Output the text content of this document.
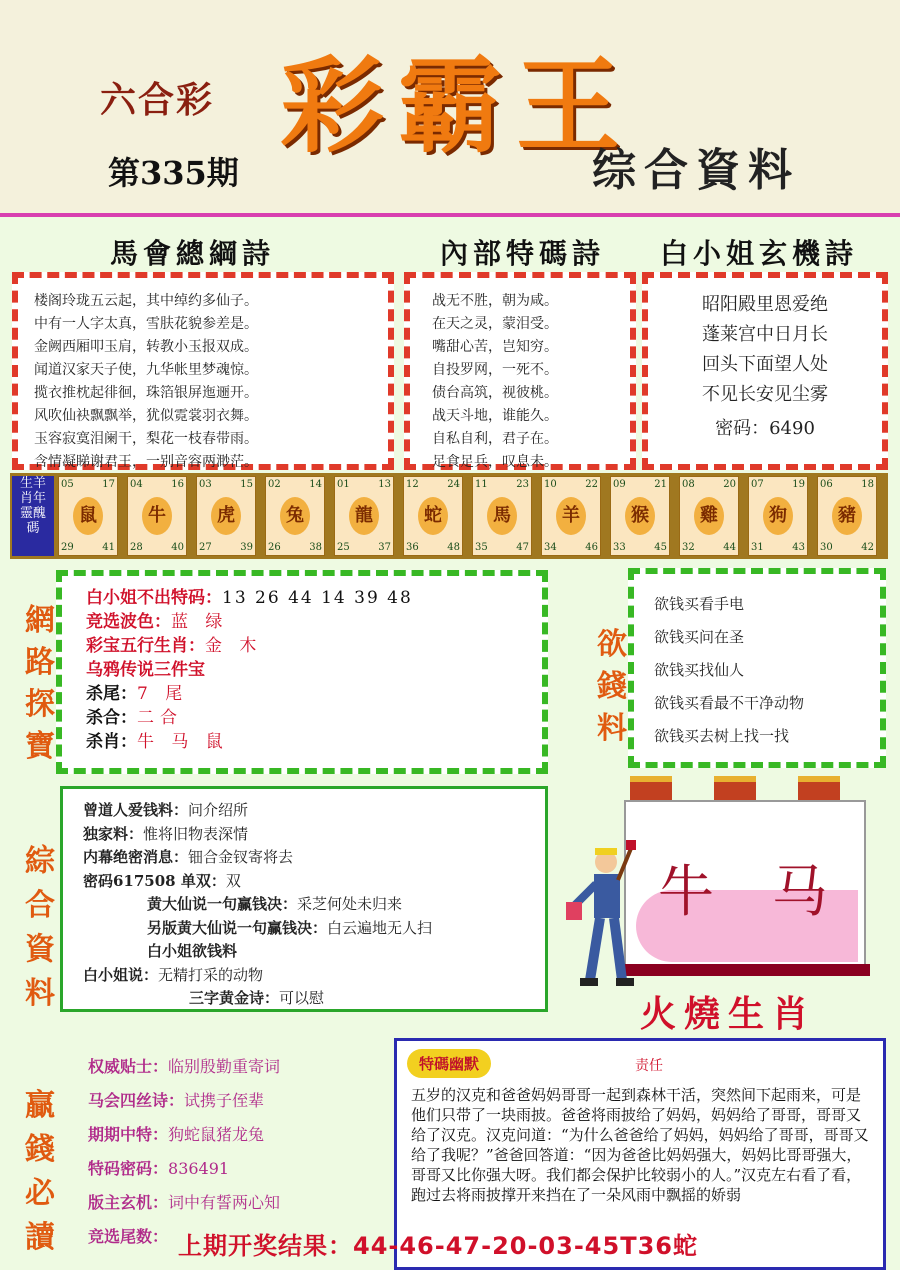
六合彩 彩霸王
第335期	综合資料
馬會總綱詩	內部特碼詩 白小姐玄機詩
楼阁玲珑五云起，其中绰约多仙子。
中有一人字太真，雪肤花貌参差是。
金阙西厢叩玉肩，转教小玉报双成。
闻道汉家天子使，九华帐里梦魂惊。
揽衣推枕起徘徊，珠箔银屏迤逦开。
风吹仙袂飘飘举，犹似霓裳羽衣舞。
玉容寂寞泪阑干，梨花一枝春带雨。
含情凝睇谢君王，一别音容两渺茫。
战无不胜，朝为咸。
在天之灵，蒙泪受。
嘴甜心苦，岂知穷。
自投罗网，一死不。
债台高筑，视彼桃。
战天斗地，谁能久。
自私自利，君子在。
足食足兵，叹息未。
昭阳殿里恩爱绝
蓬莱宫中日月长
回头下面望人处
不见长安见尘雾
密码：6490
生羊
肖年
靈醜
碼
05	17
29	41
鼠
04	16
28	40
牛
03	15
27	39
虎
02	14
26	38
兔
01	13
25	37
龍
12	24
36	48
蛇
11	23
35	47
馬
10	22
34	46
羊
09	21
33	45
猴
08	20
32	44
雞
07	19
31	43
狗
06	18
30	42
豬
網
路
探
寶
白小姐不出特码：13 26 44 14 39 48
竞选波色：蓝 绿
彩宝五行生肖：金 木
乌鸦传说三件宝
杀尾：7 尾
杀合：二合
杀肖：牛 马 鼠
欲
錢
料
欲钱买看手电
欲钱买问在圣
欲钱买找仙人
欲钱买看最不干净动物
欲钱买去树上找一找
綜
合
資
料
曾道人爱钱料：问介绍所
独家料：惟将旧物表深情
内幕绝密消息：钿合金钗寄将去
密码617508 单双：双
黄大仙说一句赢钱决：采芝何处未归来
另版黄大仙说一句赢钱决：白云遍地无人扫
白小姐欲钱料
白小姐说：无精打采的动物
三字黄金诗：可以慰
牛 马
火燒生肖
贏
錢
必
讀
权威贴士：临别殷勤重寄词
马会四丝诗：试携子侄辈
期期中特：狗蛇鼠猪龙兔
特码密码：836491
版主玄机：词中有誓两心知
竞选尾数：
特碼幽默	责任
五岁的汉克和爸爸妈妈哥哥一起到森林干活，突然间下起雨来，可是他们只带了一块雨披。爸爸将雨披给了妈妈，妈妈给了哥哥，哥哥又给了汉克。汉克问道：“为什么爸爸给了妈妈，妈妈给了哥哥，哥哥又给了我呢？”爸爸回答道：“因为爸爸比妈妈强大，妈妈比哥哥强大，哥哥又比你强大呀。我们都会保护比较弱小的人。”汉克左右看了看，跑过去将雨披撑开来挡在了一朵风雨中飘摇的娇弱
上期开奖结果：44-46-47-20-03-45T36蛇
